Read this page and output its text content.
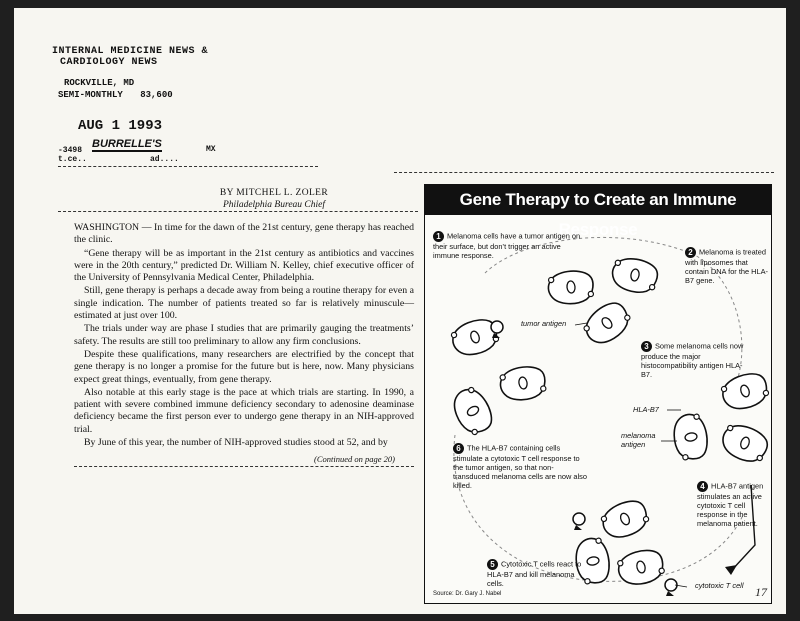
INTERNAL MEDICINE NEWS &
CARDIOLOGY NEWS
ROCKVILLE, MD
SEMI-MONTHLY 83,600
AUG 1 1993
-3498
t.ce..
BURRELLE'S	MX
ad....
BY MITCHEL L. ZOLER
Philadelphia Bureau Chief

WASHINGTON — In time for the dawn of the 21st century, gene therapy has reached the clinic.

“Gene therapy will be as important in the 21st century as antibiotics and vaccines were in the 20th century,” predicted Dr. William N. Kelley, chief executive officer of the University of Pennsylvania Medical Center, Philadelphia.

Still, gene therapy is perhaps a decade away from being a routine therapy for even a single indication. The number of patients treated so far is relatively minuscule—estimated at just over 100.

The trials under way are phase I studies that are primarily gauging the treatments’ safety. The results are still too preliminary to allow any firm conclusions.

Despite these qualifications, many researchers are electrified by the concept that gene therapy is no longer a promise for the future but is here, now. Many physicians expect great things, eventually, from gene therapy.

Also notable at this early stage is the pace at which trials are starting. In 1990, a patient with severe combined immune deficiency secondary to adenosine deaminase deficiency became the first person ever to undergo gene therapy in an NIH-approved trial.

By June of this year, the number of NIH-approved studies stood at 52, and by

(Continued on page 20)
Gene Therapy to Create an Immune Response
1 Melanoma cells have a tumor antigen on their surface, but don’t trigger an active immune response.	2 Melanoma is treated with liposomes that contain DNA for the HLA-B7 gene.
3 Some melanoma cells now produce the major histocompatibility antigen HLA-B7.
4 HLA-B7 antigen stimulates an active cytotoxic T cell response in the melanoma patient.
5 Cytotoxic T cells react to HLA-B7 and kill melanoma cells.
6 The HLA-B7 containing cells stimulate a cytotoxic T cell response to the tumor antigen, so that non-transduced melanoma cells are now also killed.
tumor antigen
HLA-B7
melanoma antigen
cytotoxic T cell
Source: Dr. Gary J. Nabel	17
